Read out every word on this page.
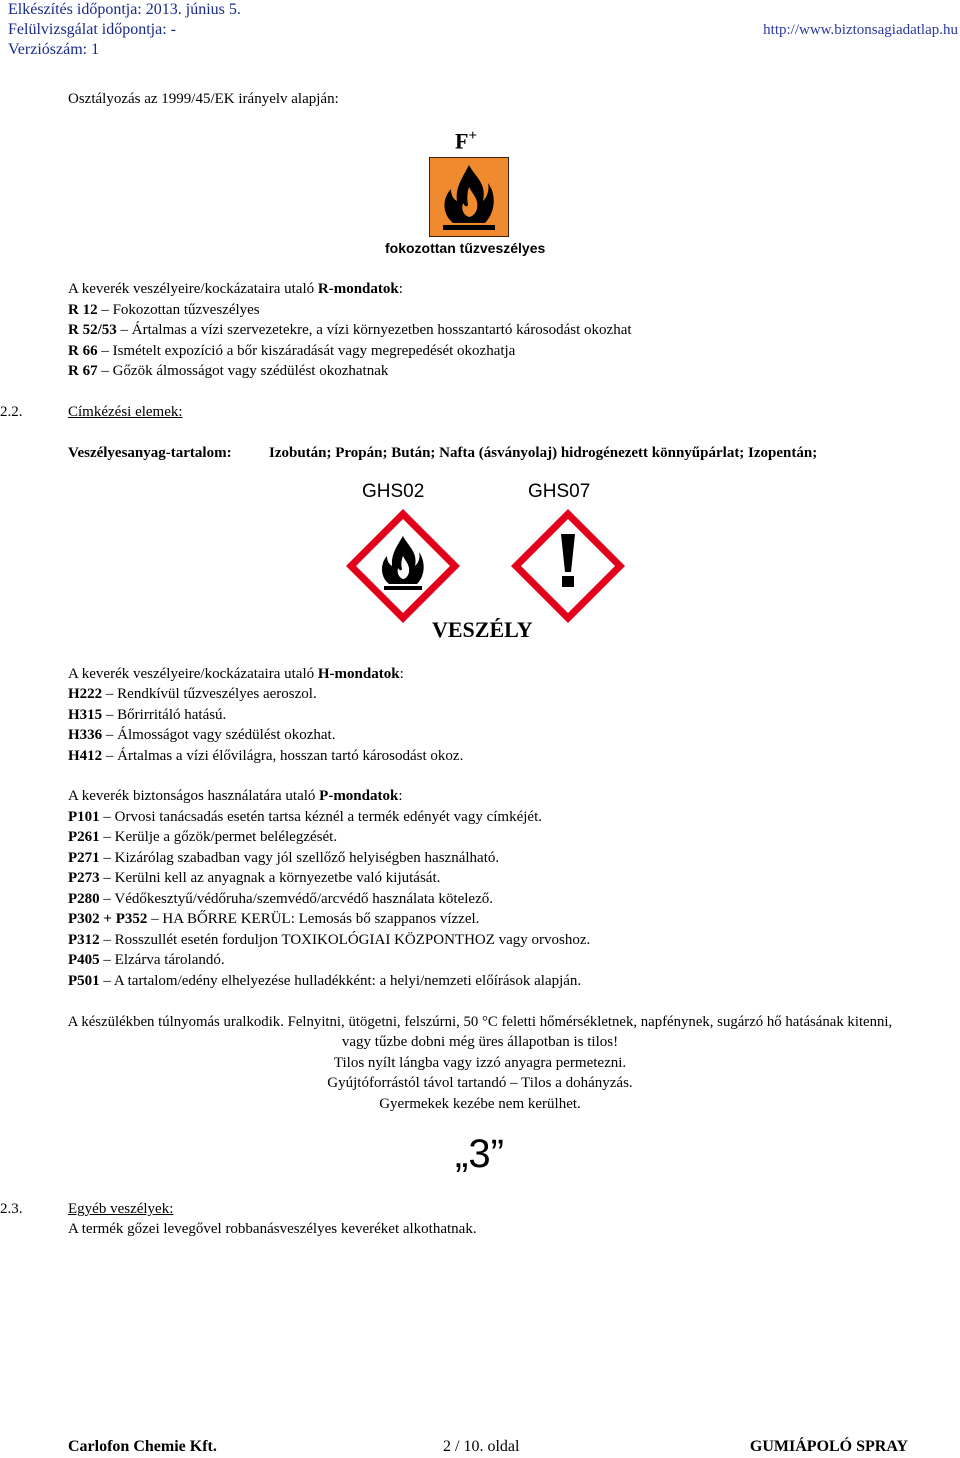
Elkészítés időpontja: 2013. június 5.
Felülvizsgálat időpontja: -
Verziószám: 1
http://www.biztonsagiadatlap.hu
Osztályozás az 1999/45/EK irányelv alapján:
F+
fokozottan tűzveszélyes
A keverék veszélyeire/kockázataira utaló R-mondatok:
R 12 – Fokozottan tűzveszélyes
R 52/53 – Ártalmas a vízi szervezetekre, a vízi környezetben hosszantartó károsodást okozhat
R 66 – Ismételt expozíció a bőr kiszáradását vagy megrepedését okozhatja
R 67 – Gőzök álmosságot vagy szédülést okozhatnak
2.2.	Címkézési elemek:
Veszélyesanyag-tartalom: Izobután; Propán; Bután; Nafta (ásványolaj) hidrogénezett könnyűpárlat; Izopentán;
GHS02	GHS07
VESZÉLY
A keverék veszélyeire/kockázataira utaló H-mondatok:
H222 – Rendkívül tűzveszélyes aeroszol.
H315 – Bőrirritáló hatású.
H336 – Álmosságot vagy szédülést okozhat.
H412 – Ártalmas a vízi élővilágra, hosszan tartó károsodást okoz.
A keverék biztonságos használatára utaló P-mondatok:
P101 – Orvosi tanácsadás esetén tartsa kéznél a termék edényét vagy címkéjét.
P261 – Kerülje a gőzök/permet belélegzését.
P271 – Kizárólag szabadban vagy jól szellőző helyiségben használható.
P273 – Kerülni kell az anyagnak a környezetbe való kijutását.
P280 – Védőkesztyű/védőruha/szemvédő/arcvédő használata kötelező.
P302 + P352 – HA BŐRRE KERÜL: Lemosás bő szappanos vízzel.
P312 – Rosszullét esetén forduljon TOXIKOLÓGIAI KÖZPONTHOZ vagy orvoshoz.
P405 – Elzárva tárolandó.
P501 – A tartalom/edény elhelyezése hulladékként: a helyi/nemzeti előírások alapján.
A készülékben túlnyomás uralkodik. Felnyitni, ütögetni, felszúrni, 50 °C feletti hőmérsékletnek, napfénynek, sugárzó hő hatásának kitenni,
vagy tűzbe dobni még üres állapotban is tilos!
Tilos nyílt lángba vagy izzó anyagra permetezni.
Gyújtóforrástól távol tartandó – Tilos a dohányzás.
Gyermekek kezébe nem kerülhet.
„3”
2.3.	Egyéb veszélyek:
A termék gőzei levegővel robbanásveszélyes keveréket alkothatnak.
Carlofon Chemie Kft.	2 / 10. oldal	GUMIÁPOLÓ SPRAY
